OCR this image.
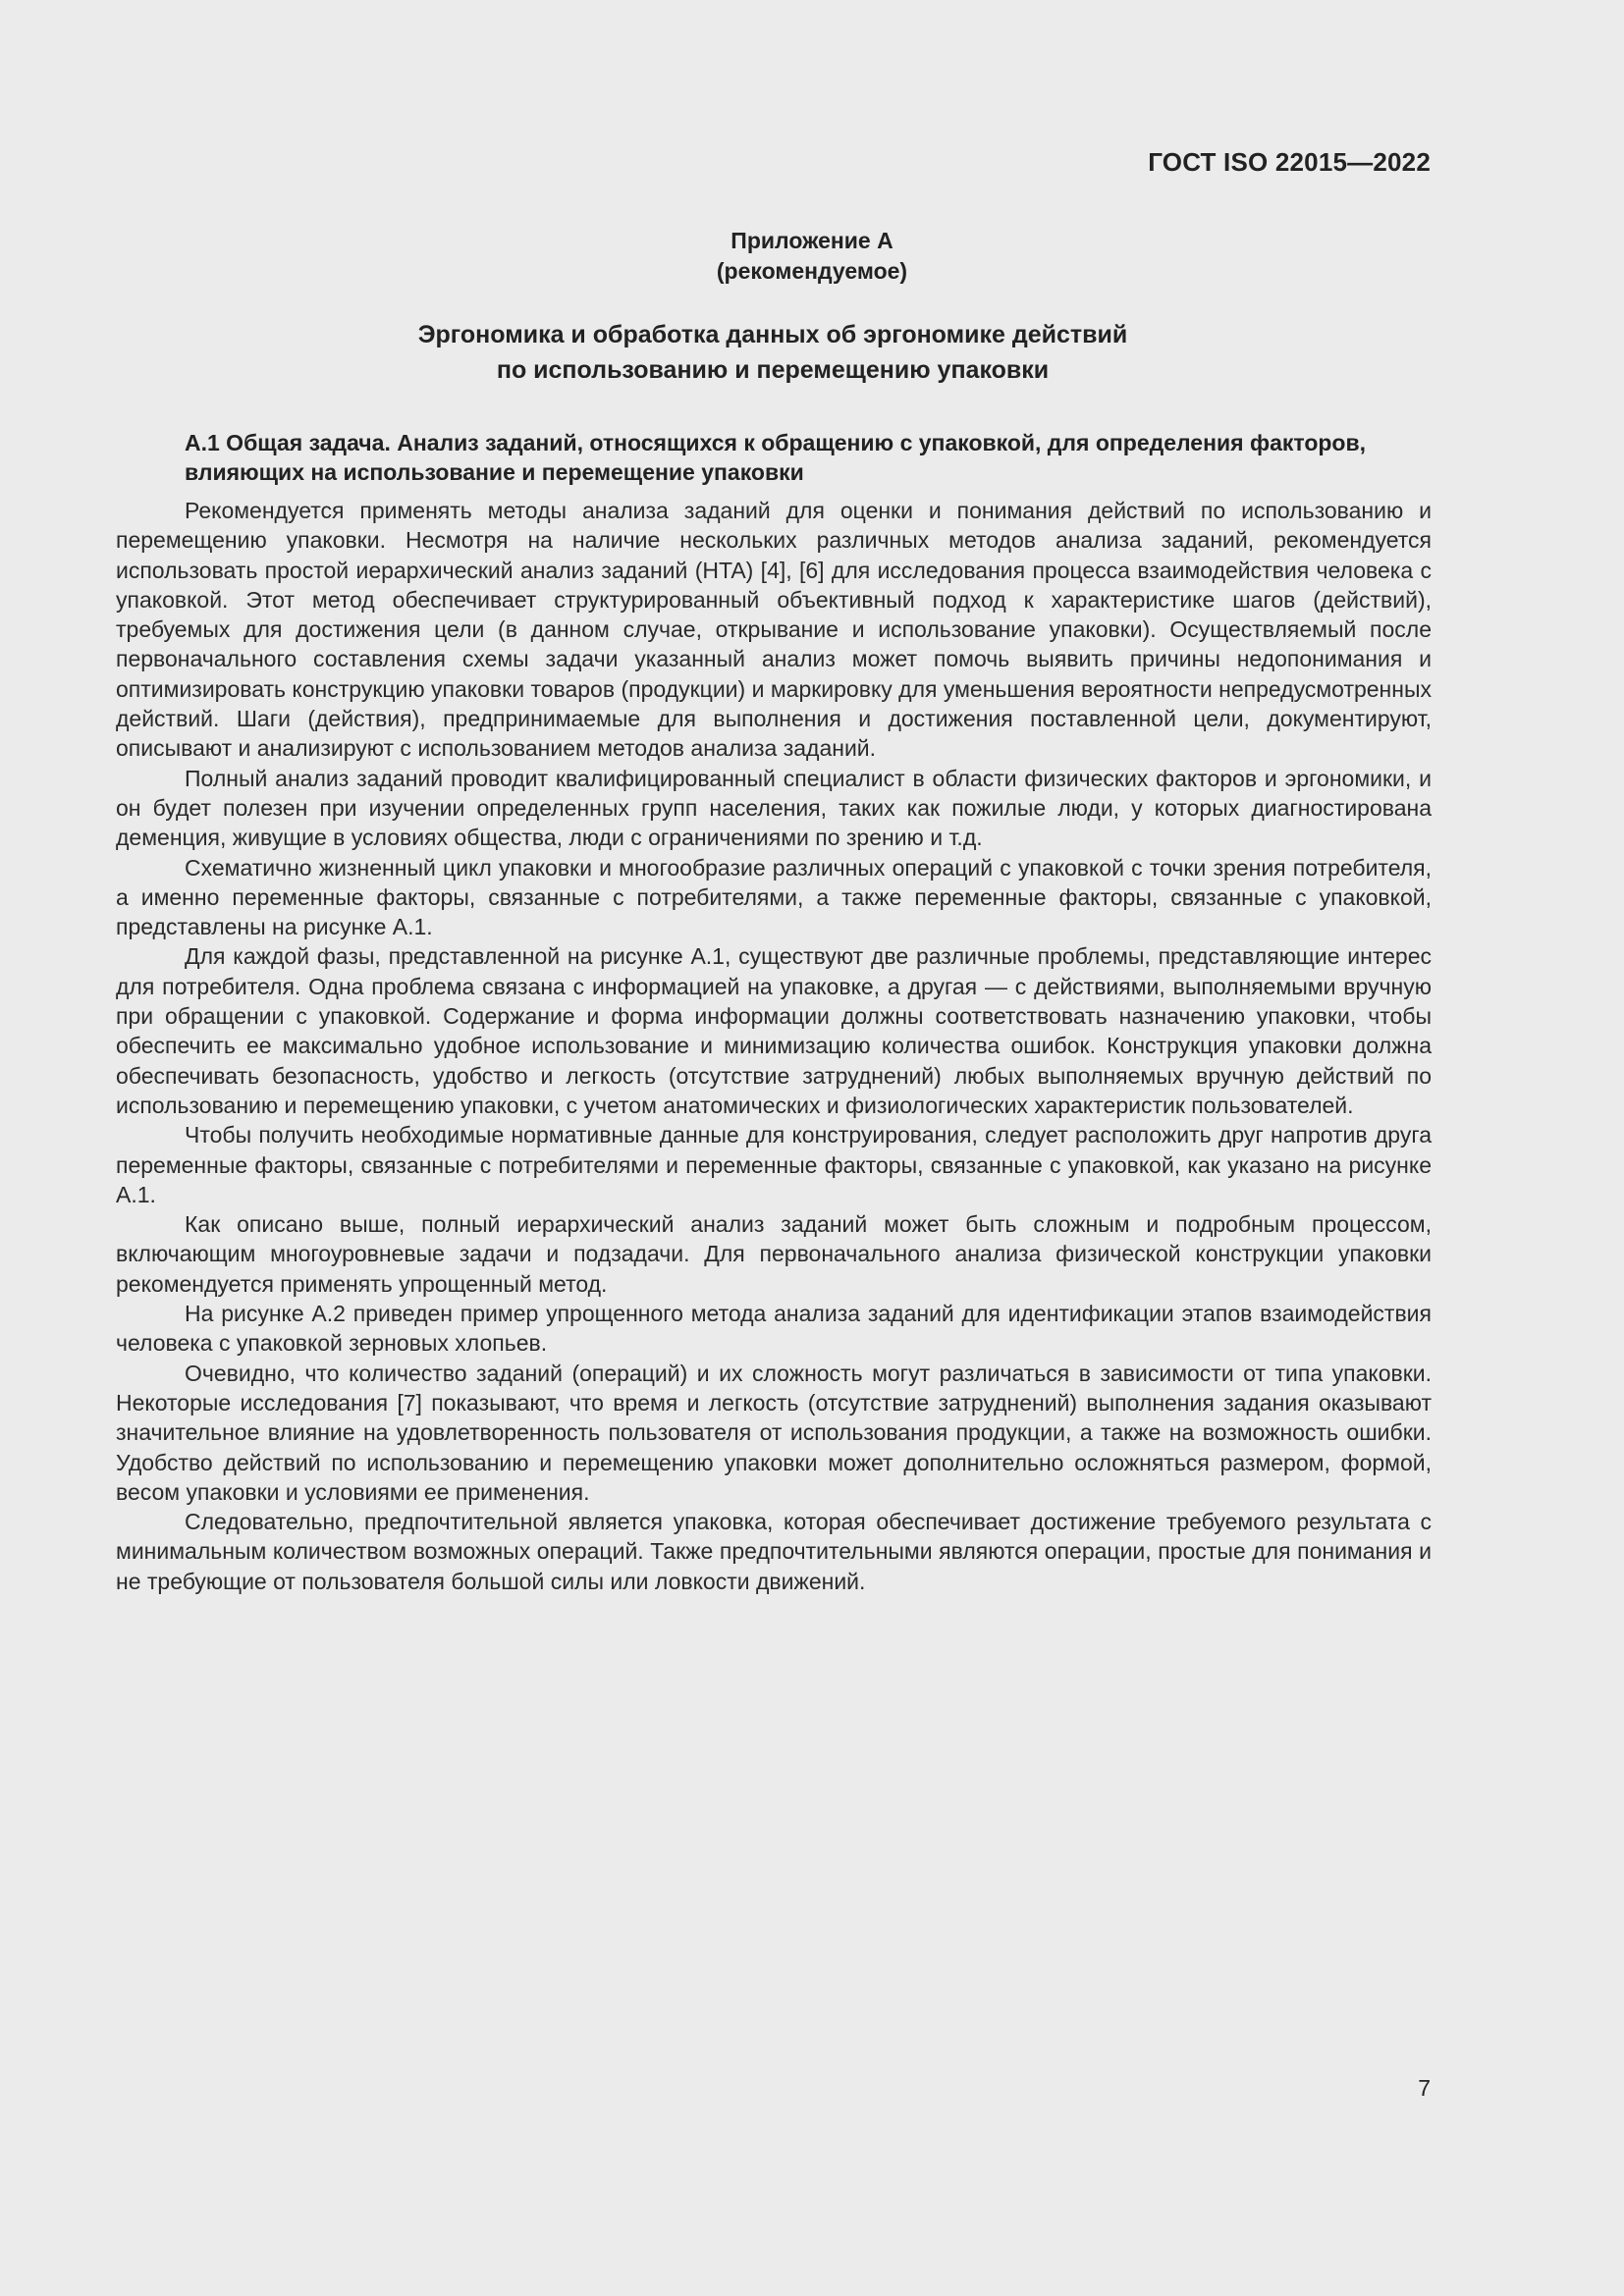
ГОСТ ISO 22015—2022
Приложение А
(рекомендуемое)
Эргономика и обработка данных об эргономике действий
по использованию и перемещению упаковки
А.1 Общая задача. Анализ заданий, относящихся к обращению с упаковкой, для определения факторов, влияющих на использование и перемещение упаковки

Рекомендуется применять методы анализа заданий для оценки и понимания действий по использованию и перемещению упаковки. Несмотря на наличие нескольких различных методов анализа заданий, рекомендуется использовать простой иерархический анализ заданий (HTA) [4], [6] для исследования процесса взаимодействия человека с упаковкой. Этот метод обеспечивает структурированный объективный подход к характеристике шагов (действий), требуемых для достижения цели (в данном случае, открывание и использование упаковки). Осуществляемый после первоначального составления схемы задачи указанный анализ может помочь выявить причины недопонимания и оптимизировать конструкцию упаковки товаров (продукции) и маркировку для уменьшения вероятности непредусмотренных действий. Шаги (действия), предпринимаемые для выполнения и достижения поставленной цели, документируют, описывают и анализируют с использованием методов анализа заданий.

Полный анализ заданий проводит квалифицированный специалист в области физических факторов и эргономики, и он будет полезен при изучении определенных групп населения, таких как пожилые люди, у которых диагностирована деменция, живущие в условиях общества, люди с ограничениями по зрению и т.д.

Схематично жизненный цикл упаковки и многообразие различных операций с упаковкой с точки зрения потребителя, а именно переменные факторы, связанные с потребителями, а также переменные факторы, связанные с упаковкой, представлены на рисунке А.1.

Для каждой фазы, представленной на рисунке А.1, существуют две различные проблемы, представляющие интерес для потребителя. Одна проблема связана с информацией на упаковке, а другая — с действиями, выполняемыми вручную при обращении с упаковкой. Содержание и форма информации должны соответствовать назначению упаковки, чтобы обеспечить ее максимально удобное использование и минимизацию количества ошибок. Конструкция упаковки должна обеспечивать безопасность, удобство и легкость (отсутствие затруднений) любых выполняемых вручную действий по использованию и перемещению упаковки, с учетом анатомических и физиологических характеристик пользователей.

Чтобы получить необходимые нормативные данные для конструирования, следует расположить друг напротив друга переменные факторы, связанные с потребителями и переменные факторы, связанные с упаковкой, как указано на рисунке А.1.

Как описано выше, полный иерархический анализ заданий может быть сложным и подробным процессом, включающим многоуровневые задачи и подзадачи. Для первоначального анализа физической конструкции упаковки рекомендуется применять упрощенный метод.

На рисунке А.2 приведен пример упрощенного метода анализа заданий для идентификации этапов взаимодействия человека с упаковкой зерновых хлопьев.

Очевидно, что количество заданий (операций) и их сложность могут различаться в зависимости от типа упаковки. Некоторые исследования [7] показывают, что время и легкость (отсутствие затруднений) выполнения задания оказывают значительное влияние на удовлетворенность пользователя от использования продукции, а также на возможность ошибки. Удобство действий по использованию и перемещению упаковки может дополнительно осложняться размером, формой, весом упаковки и условиями ее применения.

Следовательно, предпочтительной является упаковка, которая обеспечивает достижение требуемого результата с минимальным количеством возможных операций. Также предпочтительными являются операции, простые для понимания и не требующие от пользователя большой силы или ловкости движений.

7
